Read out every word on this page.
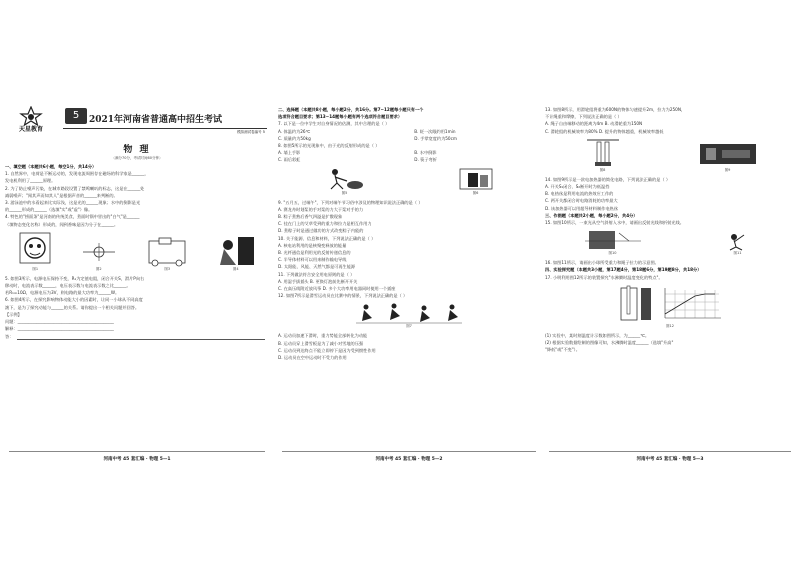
天星教育
5	2021年河南省普通高中招生考试
模拟测试卷编号 5
物 理
（满分70分，考试时间60分钟）

一、填空题（本题共6小题，每空1分，共14分）

1. 自然界中，电荷是不断运动的，发现电流周围存在磁场的科学家是______，

发电机利用了______原理。

2. 为了防止噪声污染，在城市路段设置了禁鸣喇叭的标志，这是在______处

减弱噪声；"闻其声而知其人"是根据声音的______来判断的。

3. 游泳池中的水看起来比实际浅，这是光的______现象；水中的倒影是光

的______形成的______（选填"实"或"虚"）像。

4. 特色的"捞面条"是河南的传统美食，煮面时锅中冒出的"白气"是______

（填物态变化名称）形成的，闻到香味是因为分子在______。

图1	图2	图3	图4

5. 如图3所示，电源电压保持不变，R₁为定值电阻，闭合开关S，滑片P向右

移动时，电流表示数______，电压表示数与电流表示数之比______。

若R₁=10Ω，电源电压为3V，则电路的最大功率为______W。

6. 如图4所示，在探究影响物体动能大小的因素时，让同一小球从不同高度

滚下，是为了探究动能与______的关系。请你提出一个相关问题并回答。

【示例】

问题：______________________________________________

解释：______________________________________________

答：
河南中考 45 套汇编 · 物理 5—1

二、选择题（本题共8小题，每小题2分，共16分。第7~12题每小题只有一个

选项符合题目要求；第13~14题每小题有两个选项符合题目要求）

7. 以下是一位中学生对自身情况的估测，其中合理的是（ ）

A. 体温约为26℃	B. 眨一次眼约用1min

C. 质量约为50kg	D. 手掌宽度约为50cm

8. 如图5所示的光现象中，由于光的反射形成的是（ ）

A. 墙上手影	B. 水中倒影

C. 雨后彩虹	D. 筷子弯折

图5	图6

9. "五月五，过端午"，下列对端午节习俗中涉及的物理知识说法正确的是（ ）

A. 赛龙舟时划桨的手对桨的力大于桨对手的力

B. 粽子煮熟后香气四溢是扩散现象

C. 挂在门上的艾草受到的重力和拉力是相互作用力

D. 煮粽子时是通过做功的方式改变粽子内能的

10. 关于能源、信息和材料，下列说法正确的是（ ）

A. 核电站利用的是核聚变释放的能量

B. 光纤通信是利用光的反射传递信息的

C. 半导体材料可以用来制作输电导线

D. 太阳能、风能、天然气都是可再生能源

11. 下列做法符合安全用电原则的是（ ）

A. 用湿手拔插头 B. 更换灯泡前先断开开关

C. 在高压线附近放风筝 D. 多个大功率用电器同时使用一个插座

12. 如图7所示是滑雪运动员在比赛中的情景，下列说法正确的是（ ）

图7

A. 运动员加速下滑时，重力势能全部转化为动能

B. 运动员穿上滑雪板是为了减小对雪地的压强

C. 运动员到达终点不能立即停下是因为受到惯性作用

D. 运动员在空中运动时不受力的作用

河南中考 45 套汇编 · 物理 5—2

13. 如图8所示，用滑轮组将重为600N的物体匀速提升2m，拉力为250N，

不计绳重和摩擦，下列说法正确的是（ ）

A. 绳子自由端移动的距离为4m B. 动滑轮重为150N

C. 滑轮组的机械效率为80% D. 提升的物体越重，机械效率越低

图8	图9

14. 如图9所示是一款电加热器的简化电路，下列说法正确的是（ ）

A. 开关S₁闭合、S₂断开时为低温挡

B. 电热丝是利用电流的热效应工作的

C. 两开关都闭合时电路消耗的功率最大

D. 该加热器可以用超导材料制作电热丝

三、作图题（本题共2小题，每小题2分，共4分）

15. 如图10所示，一束光从空气斜射入水中，请画出反射光线和折射光线。

图10	图11

16. 如图11所示，请画出小球所受重力和绳子拉力的示意图。

四、实验探究题（本题共3小题，第17题4分，第18题6分，第19题8分，共18分）

17. 小明利用图12所示的装置探究"水沸腾时温度变化的特点"。

图12

(1) 实验中，某时刻温度计示数如图所示，为______℃。

(2) 根据实验数据绘制的图像可知，水沸腾时温度______（选填"升高"

"降低"或"不变"）。

河南中考 45 套汇编 · 物理 5—3
